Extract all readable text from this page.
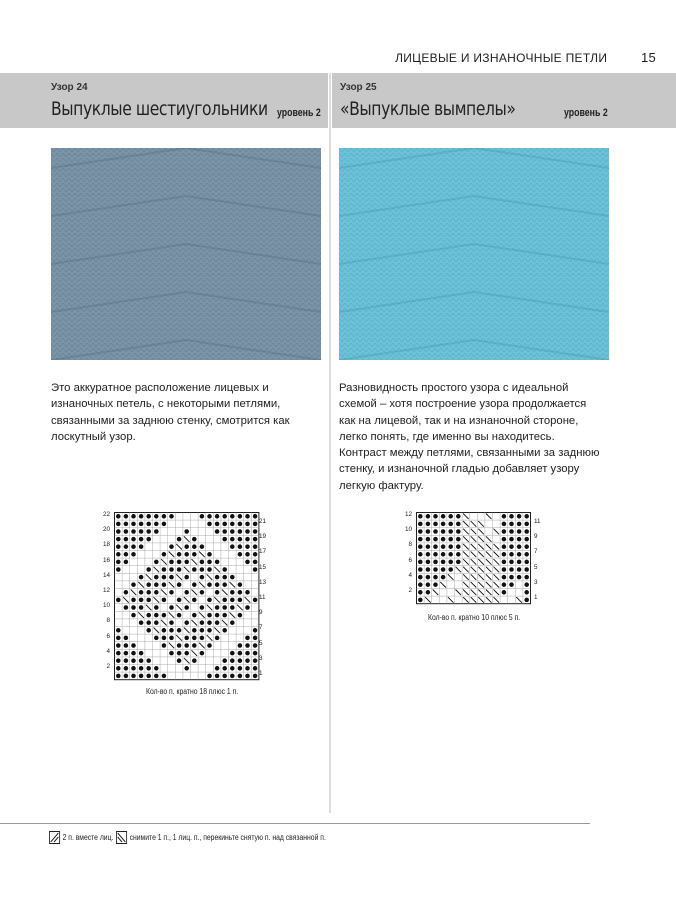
ЛИЦЕВЫЕ И ИЗНАНОЧНЫЕ ПЕТЛИ	15
Узор 24
Выпуклые шестиугольники уровень 2
Узор 25
«Выпуклые вымпелы»	уровень 2
Это аккуратное расположение лицевых и изнаночных петель, с некоторыми петлями, связанными за заднюю стенку, смотрится как лоскутный узор.
Разновидность простого узора с идеальной схемой – хотя построение узора продолжается как на лицевой, так и на изнаночной стороне, легко понять, где именно вы находитесь. Контраст между петлями, связанными за заднюю стенку, и изнаночной гладью добавляет узору легкую фактуру.
22
20
18
16
14
12
10
8
6
4
2
21
19
17
15
13
11
9
7
5
3
1
Кол-во п. кратно 18 плюс 1 п.
12
10
8
6
4
2
11
9
7
5
3
1
Кол-во п. кратно 10 плюс 5 п.
2 п. вместе лиц. снимите 1 п., 1 лиц. п., перекиньте снятую п. над связанной п.
